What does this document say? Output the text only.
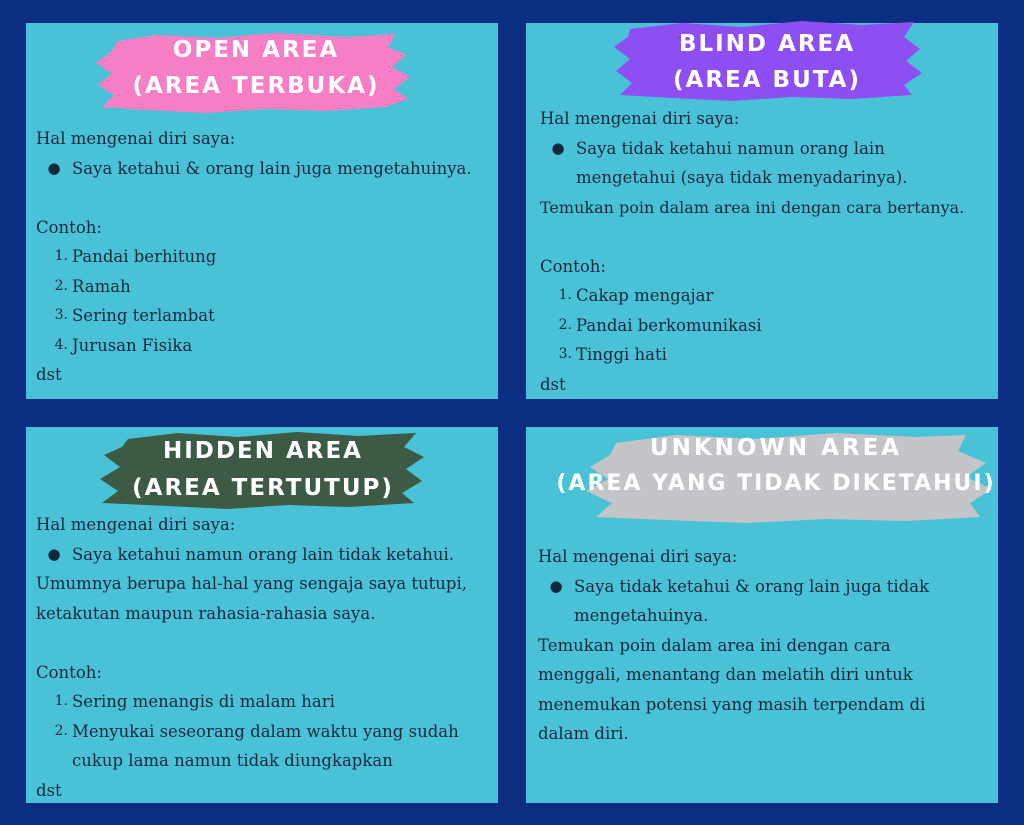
OPEN AREA
(AREA TERBUKA)
Hal mengenai diri saya:
● Saya ketahui & orang lain juga mengetahuinya.
Contoh:
1. Pandai berhitung
2. Ramah
3. Sering terlambat
4. Jurusan Fisika
dst
BLIND AREA
(AREA BUTA)
Hal mengenai diri saya:
● Saya tidak ketahui namun orang lain
mengetahui (saya tidak menyadarinya).
Temukan poin dalam area ini dengan cara bertanya.
Contoh:
1. Cakap mengajar
2. Pandai berkomunikasi
3. Tinggi hati
dst
HIDDEN AREA
(AREA TERTUTUP)
Hal mengenai diri saya:
● Saya ketahui namun orang lain tidak ketahui.
Umumnya berupa hal-hal yang sengaja saya tutupi,
ketakutan maupun rahasia-rahasia saya.
Contoh:
1. Sering menangis di malam hari
2. Menyukai seseorang dalam waktu yang sudah
cukup lama namun tidak diungkapkan
dst
UNKNOWN AREA
(AREA YANG TIDAK DIKETAHUI)
Hal mengenai diri saya:
● Saya tidak ketahui & orang lain juga tidak
mengetahuinya.
Temukan poin dalam area ini dengan cara
menggali, menantang dan melatih diri untuk
menemukan potensi yang masih terpendam di
dalam diri.
